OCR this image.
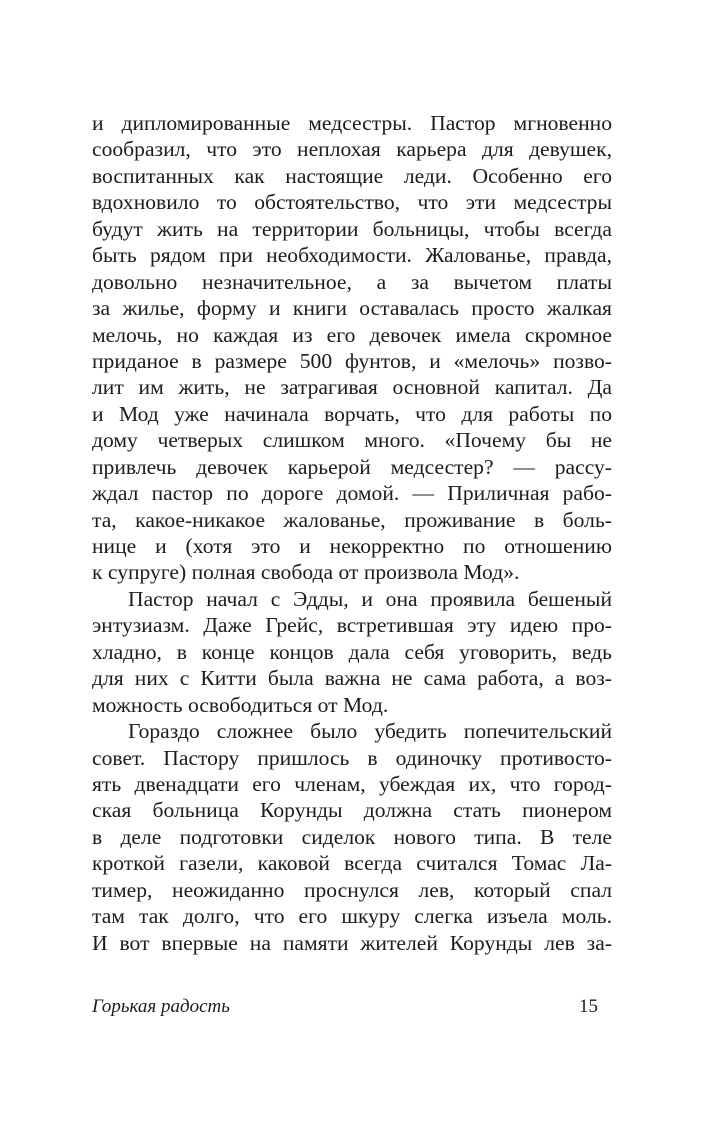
и дипломированные медсестры. Пастор мгновенно
сообразил, что это неплохая карьера для девушек,
воспитанных как настоящие леди. Особенно его
вдохновило то обстоятельство, что эти медсестры
будут жить на территории больницы, чтобы всегда
быть рядом при необходимости. Жалованье, правда,
довольно незначительное, а за вычетом платы
за жилье, форму и книги оставалась просто жалкая
мелочь, но каждая из его девочек имела скромное
приданое в размере 500 фунтов, и «мелочь» позво-
лит им жить, не затрагивая основной капитал. Да
и Мод уже начинала ворчать, что для работы по
дому четверых слишком много. «Почему бы не
привлечь девочек карьерой медсестер? — рассу-
ждал пастор по дороге домой. — Приличная рабо-
та, какое-никакое жалованье, проживание в боль-
нице и (хотя это и некорректно по отношению
к супруге) полная свобода от произвола Мод».
Пастор начал с Эдды, и она проявила бешеный
энтузиазм. Даже Грейс, встретившая эту идею про-
хладно, в конце концов дала себя уговорить, ведь
для них с Китти была важна не сама работа, а воз-
можность освободиться от Мод.
Гораздо сложнее было убедить попечительский
совет. Пастору пришлось в одиночку противосто-
ять двенадцати его членам, убеждая их, что город-
ская больница Корунды должна стать пионером
в деле подготовки сиделок нового типа. В теле
кроткой газели, каковой всегда считался Томас Ла-
тимер, неожиданно проснулся лев, который спал
там так долго, что его шкуру слегка изъела моль.
И вот впервые на памяти жителей Корунды лев за-
Горькая радость	15
